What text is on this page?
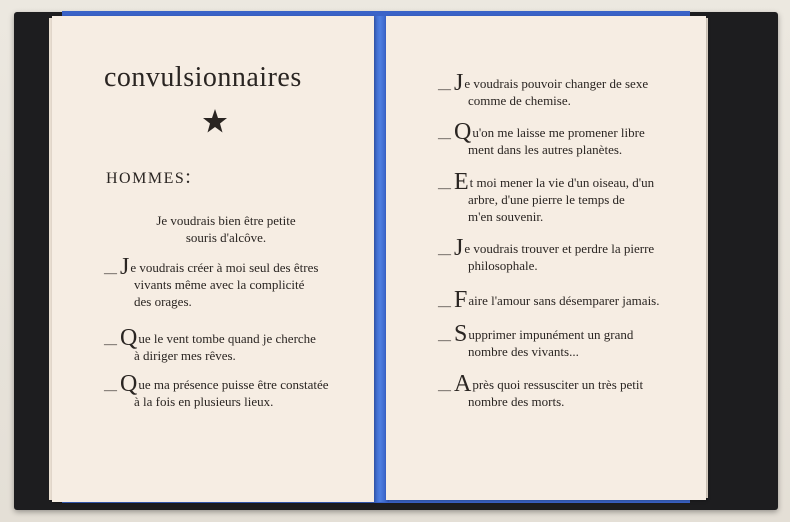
convulsionnaires
HOMMES:
Je voudrais bien être petite
souris d'alcôve.
— Je voudrais créer à moi seul des êtres
vivants même avec la complicité
des orages.
— Que le vent tombe quand je cherche
à diriger mes rêves.
— Que ma présence puisse être constatée
à la fois en plusieurs lieux.
— Je voudrais pouvoir changer de sexe
comme de chemise.
— Qu'on me laisse me promener libre
ment dans les autres planètes.
— Et moi mener la vie d'un oiseau, d'un
arbre, d'une pierre le temps de
m'en souvenir.
— Je voudrais trouver et perdre la pierre
philosophale.
— Faire l'amour sans désemparer jamais.
— Supprimer impunément un grand
nombre des vivants...
— Après quoi ressusciter un très petit
nombre des morts.
